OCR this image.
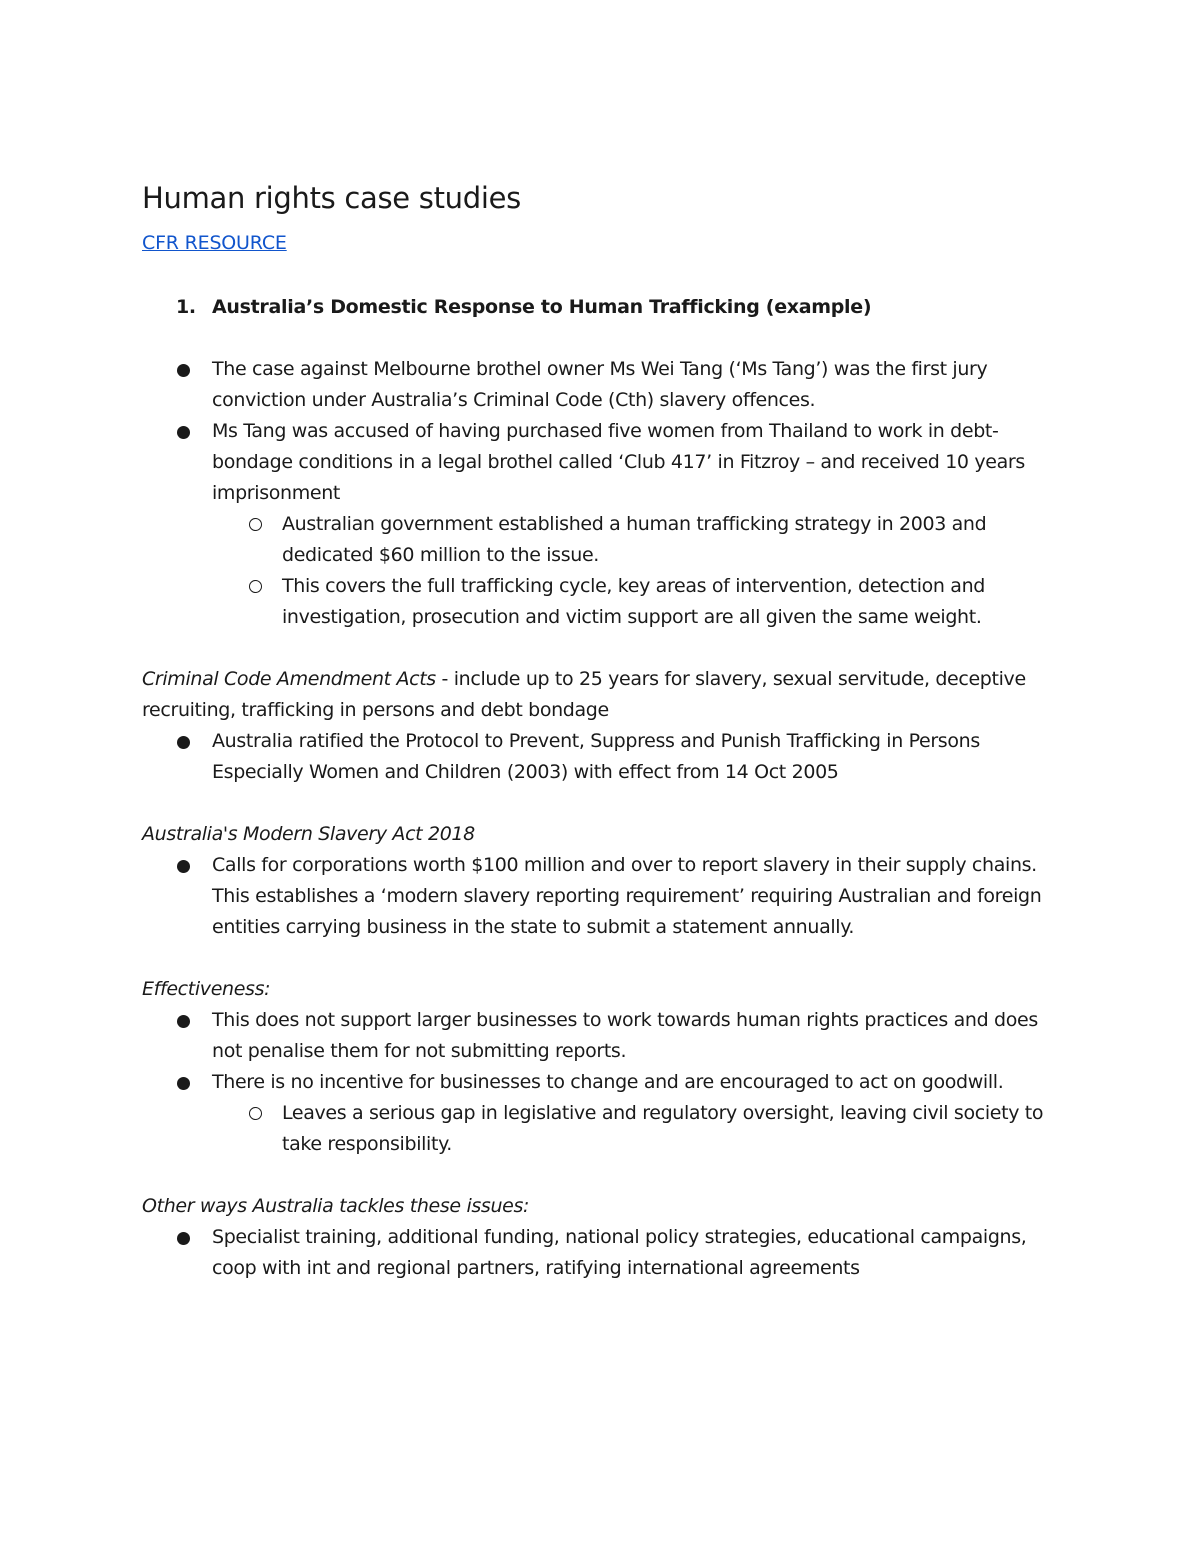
Human rights case studies
CFR RESOURCE
1. Australia’s Domestic Response to Human Trafficking (example)
The case against Melbourne brothel owner Ms Wei Tang (‘Ms Tang’) was the first jury conviction under Australia’s Criminal Code (Cth) slavery offences.
Ms Tang was accused of having purchased five women from Thailand to work in debt-bondage conditions in a legal brothel called ‘Club 417’ in Fitzroy – and received 10 years imprisonment
Australian government established a human trafficking strategy in 2003 and dedicated $60 million to the issue.
This covers the full trafficking cycle, key areas of intervention, detection and investigation, prosecution and victim support are all given the same weight.

Criminal Code Amendment Acts - include up to 25 years for slavery, sexual servitude, deceptive recruiting, trafficking in persons and debt bondage

Australia ratified the Protocol to Prevent, Suppress and Punish Trafficking in Persons Especially Women and Children (2003) with effect from 14 Oct 2005

Australia's Modern Slavery Act 2018

Calls for corporations worth $100 million and over to report slavery in their supply chains. This establishes a ‘modern slavery reporting requirement’ requiring Australian and foreign entities carrying business in the state to submit a statement annually.

Effectiveness:

This does not support larger businesses to work towards human rights practices and does not penalise them for not submitting reports.
There is no incentive for businesses to change and are encouraged to act on goodwill.
Leaves a serious gap in legislative and regulatory oversight, leaving civil society to take responsibility.

Other ways Australia tackles these issues:

Specialist training, additional funding, national policy strategies, educational campaigns, coop with int and regional partners, ratifying international agreements
